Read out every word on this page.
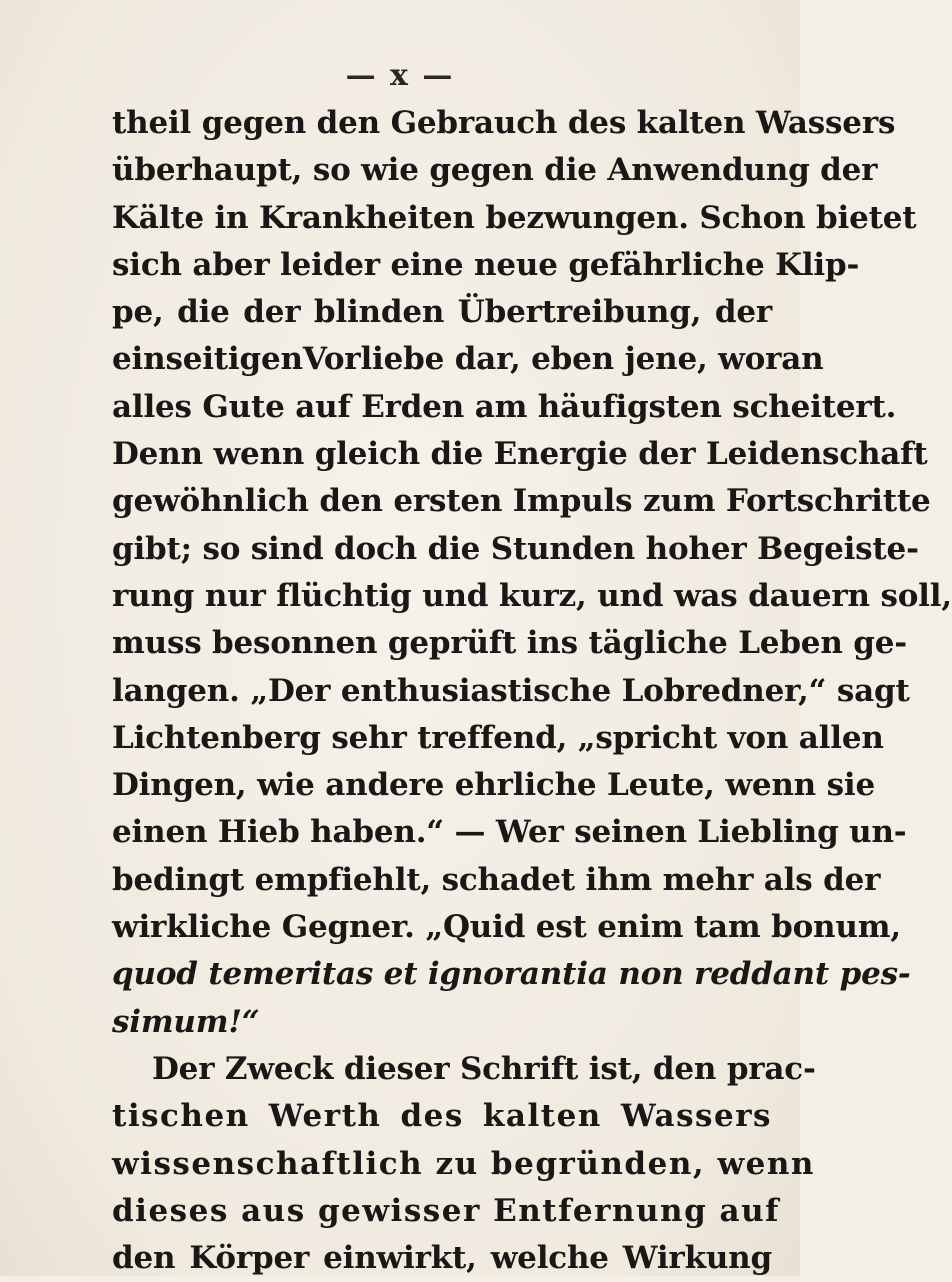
— x —
theil gegen den Gebrauch des kalten Wassers
überhaupt, so wie gegen die Anwendung der
Kälte in Krankheiten bezwungen. Schon bietet
sich aber leider eine neue gefährliche Klip-
pe, die der blinden Übertreibung, der
einseitigenVorliebe dar, eben jene, woran
alles Gute auf Erden am häufigsten scheitert.
Denn wenn gleich die Energie der Leidenschaft
gewöhnlich den ersten Impuls zum Fortschritte
gibt; so sind doch die Stunden hoher Begeiste-
rung nur flüchtig und kurz, und was dauern soll,
muss besonnen geprüft ins tägliche Leben ge-
langen. „Der enthusiastische Lobredner,“ sagt
Lichtenberg sehr treffend, „spricht von allen
Dingen, wie andere ehrliche Leute, wenn sie
einen Hieb haben.“ — Wer seinen Liebling un-
bedingt empfiehlt, schadet ihm mehr als der
wirkliche Gegner. „Quid est enim tam bonum,
quod temeritas et ignorantia non reddant pes-
simum!“
Der Zweck dieser Schrift ist, den prac-
tischen Werth des kalten Wassers
wissenschaftlich zu begründen, wenn
dieses aus gewisser Entfernung auf
den Körper einwirkt, welche Wirkung
